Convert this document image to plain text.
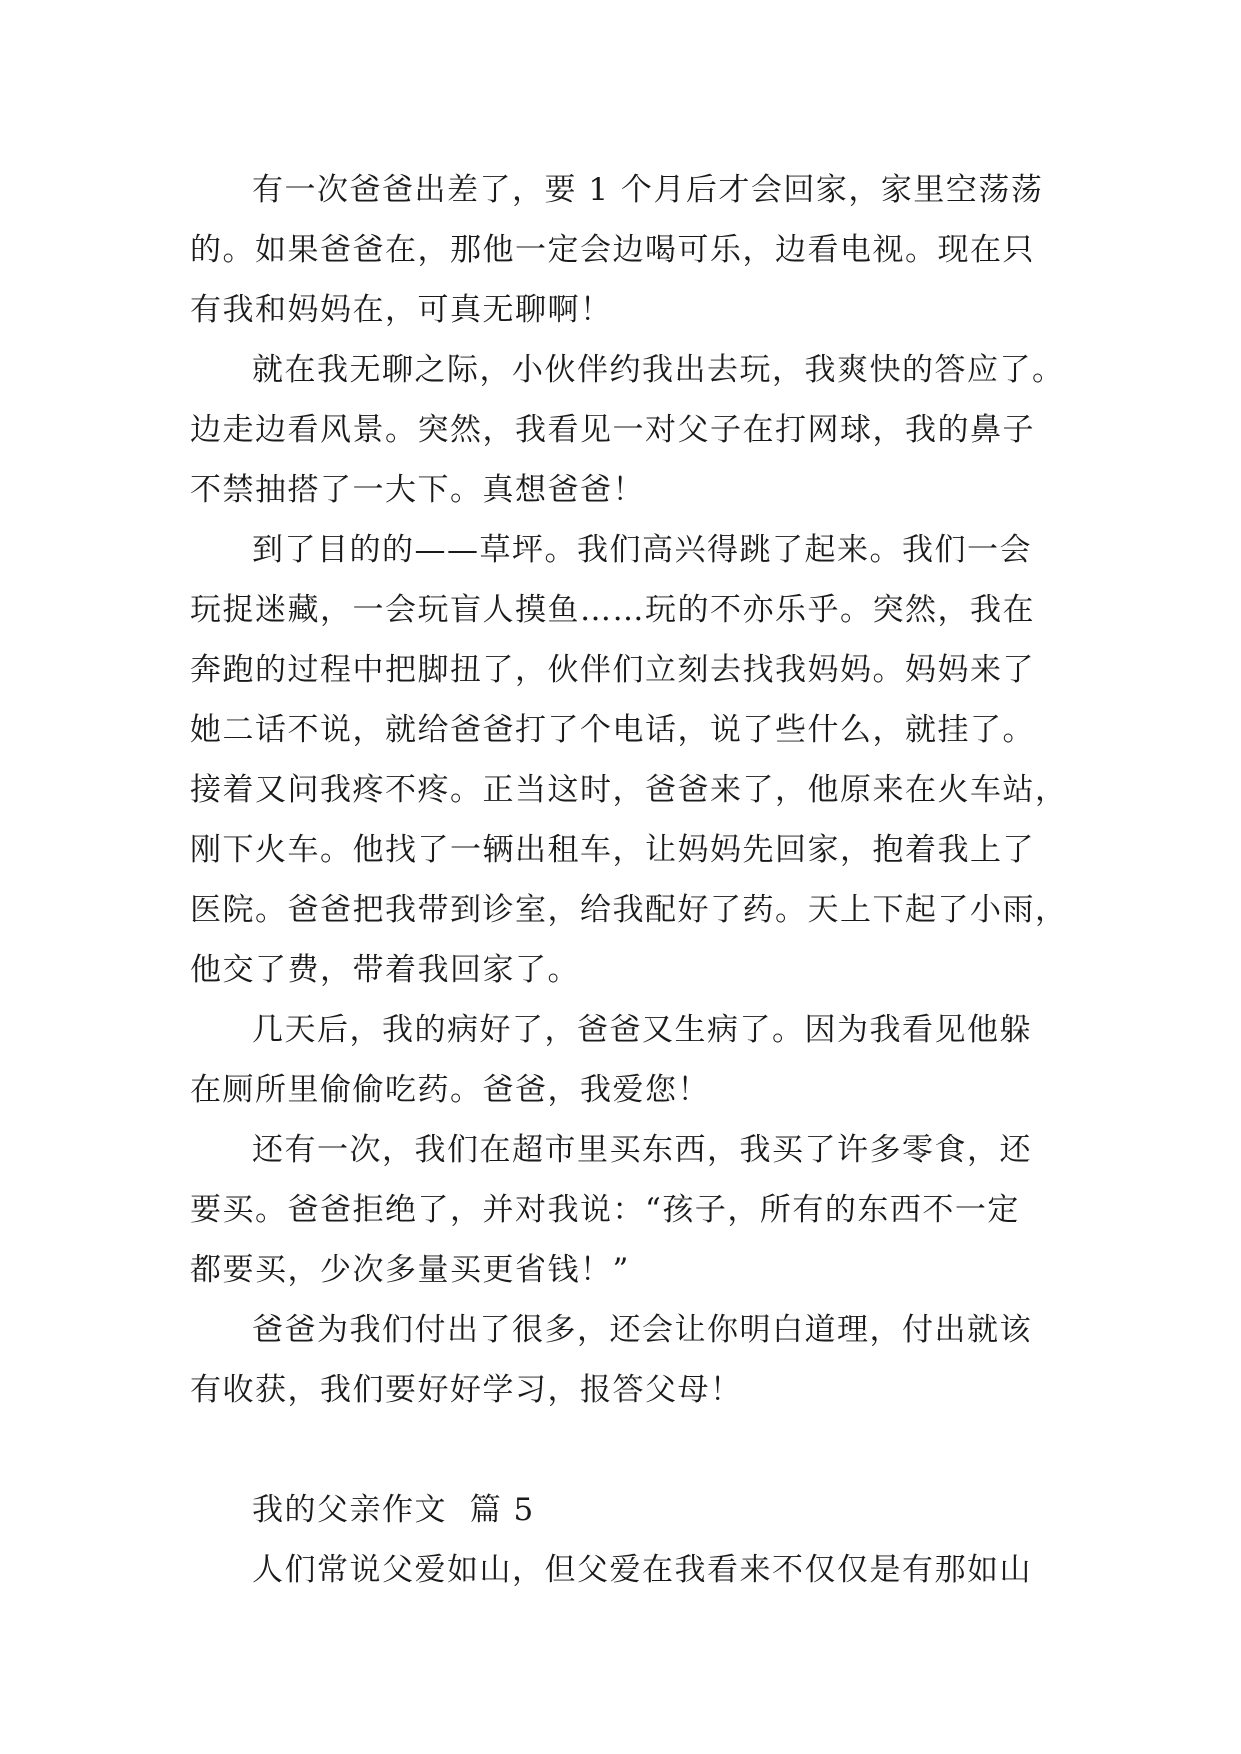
有一次爸爸出差了，要 1 个月后才会回家，家里空荡荡
的。如果爸爸在，那他一定会边喝可乐，边看电视。现在只
有我和妈妈在，可真无聊啊！

就在我无聊之际，小伙伴约我出去玩，我爽快的答应了。
边走边看风景。突然，我看见一对父子在打网球，我的鼻子
不禁抽搭了一大下。真想爸爸！

到了目的的——草坪。我们高兴得跳了起来。我们一会
玩捉迷藏，一会玩盲人摸鱼……玩的不亦乐乎。突然，我在
奔跑的过程中把脚扭了，伙伴们立刻去找我妈妈。妈妈来了
她二话不说，就给爸爸打了个电话，说了些什么，就挂了。
接着又问我疼不疼。正当这时，爸爸来了，他原来在火车站，
刚下火车。他找了一辆出租车，让妈妈先回家，抱着我上了
医院。爸爸把我带到诊室，给我配好了药。天上下起了小雨，
他交了费，带着我回家了。

几天后，我的病好了，爸爸又生病了。因为我看见他躲
在厕所里偷偷吃药。爸爸，我爱您！

还有一次，我们在超市里买东西，我买了许多零食，还
要买。爸爸拒绝了，并对我说：“孩子，所有的东西不一定
都要买，少次多量买更省钱！”

爸爸为我们付出了很多，还会让你明白道理，付出就该
有收获，我们要好好学习，报答父母！

我的父亲作文  篇 5

人们常说父爱如山，但父爱在我看来不仅仅是有那如山
